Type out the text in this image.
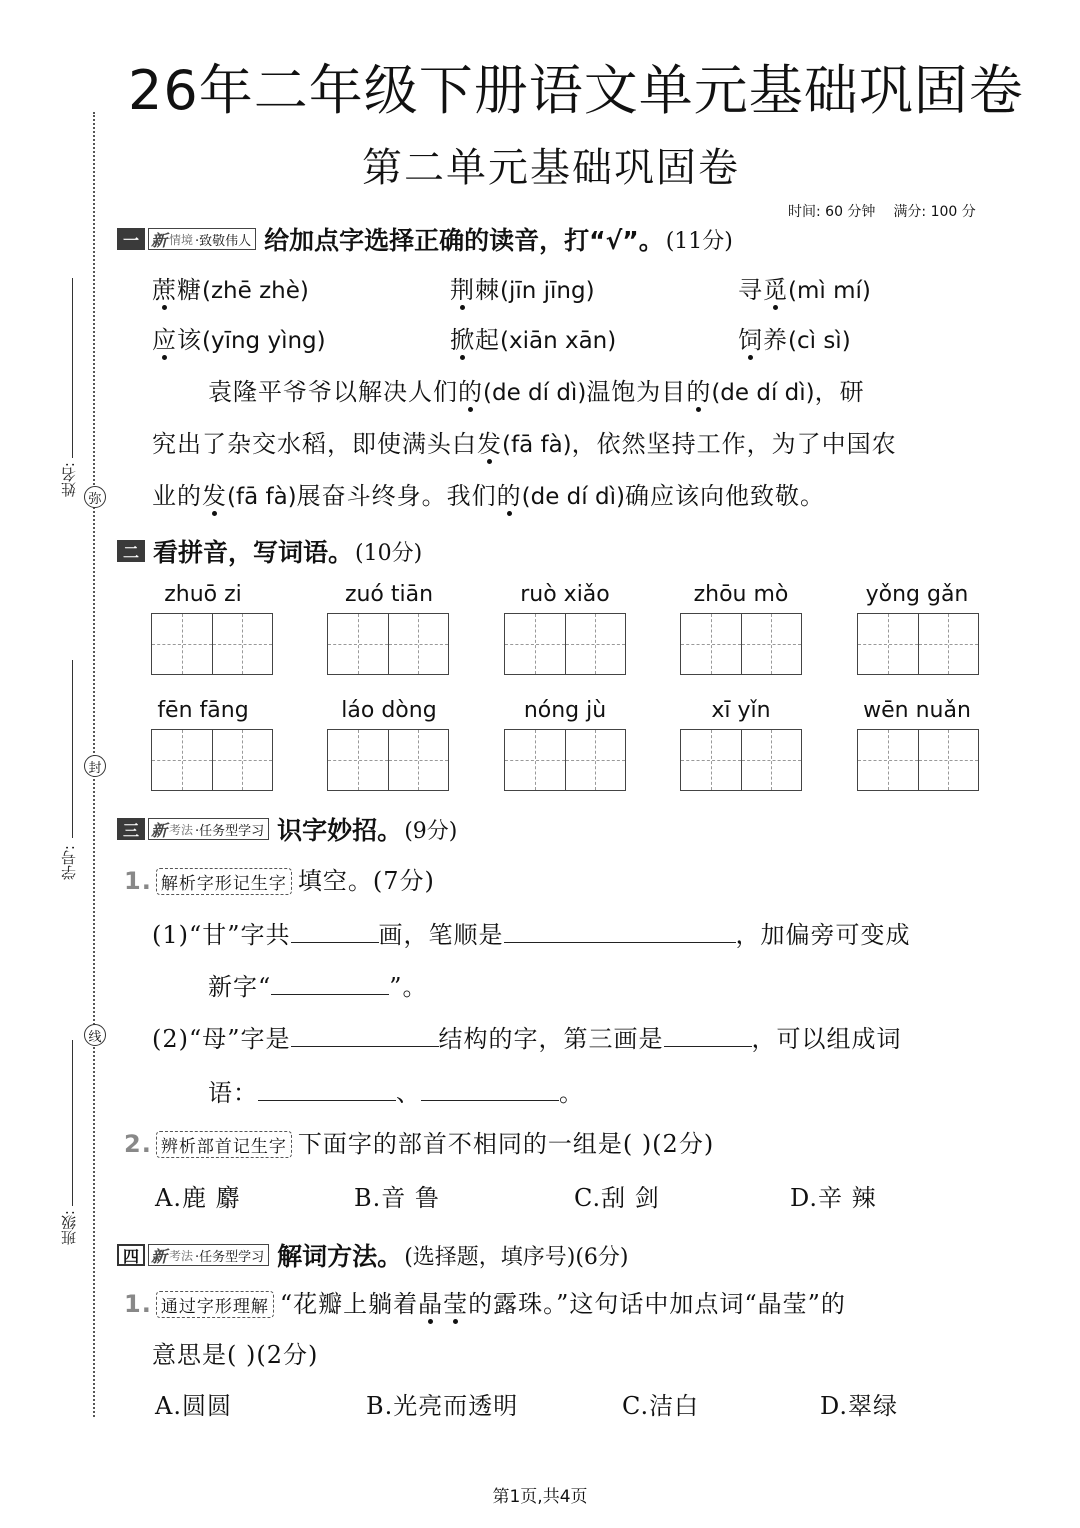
姓名:
弥
封
学号:
线
班级:
26年二年级下册语文单元基础巩固卷
第二单元基础巩固卷
时间: 60 分钟 满分: 100 分
一 新 情境 ·致敬伟人 给加点字选择正确的读音，打“√”。 (11分)
蔗糖(zhē zhè)	荆棘(jīn jīng)	寻觅(mì mí)
应该(yīng yìng)	掀起(xiān xān)	饲养(cì sì)
袁隆平爷爷以解决人们的(de dí dì)温饱为目的(de dí dì)，研
究出了杂交水稻，即使满头白发(fā fà)，依然坚持工作，为了中国农
业的发(fā fà)展奋斗终身。我们的(de dí dì)确应该向他致敬。
二 看拼音，写词语。 (10分)
zhuō zi	zuó tiān	ruò xiǎo	zhōu mò	yǒng gǎn
fēn fāng	láo dòng	nóng jù	xī yǐn	wēn nuǎn
三 新 考法 ·任务型学习 识字妙招。 (9分)
1. 解析字形记生字 填空。(7分)
(1)“甘”字共	画，笔顺是	，加偏旁可变成
新字“	”。
(2)“母”字是	结构的字，第三画是	，可以组成词
语：	、	。
2. 辨析部首记生字 下面字的部首不相同的一组是( )(2分)
A.鹿 麝	B.音 鲁	C.刮 剑	D.辛 辣
四 新 考法 ·任务型学习 解词方法。 (选择题，填序号)(6分)
1. 通过字形理解 “花瓣上躺着晶莹的露珠。”这句话中加点词“晶莹”的
意思是( )(2分)
A.圆圆	B.光亮而透明	C.洁白	D.翠绿
第1页,共4页
